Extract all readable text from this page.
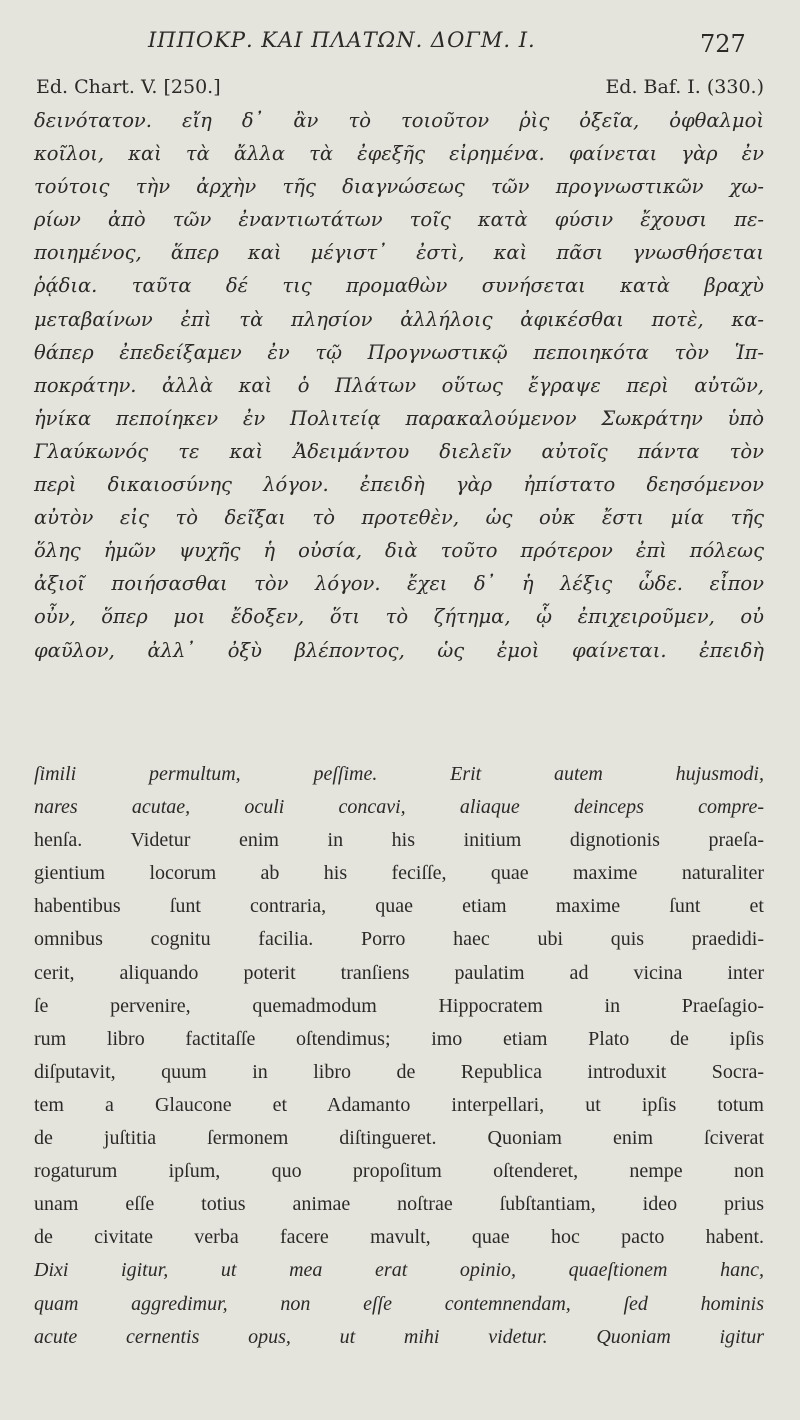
ΙΠΠΟΚΡ. ΚΑΙ ΠΛΑΤΩΝ. ΔΟΓΜ. Ι.	727
Ed. Chart. V. [250.]	Ed. Baf. I. (330.)
δεινότατον. εἴη δ᾽ ἂν τὸ τοιοῦτον ῥὶς ὀξεῖα, ὀφθαλμοὶ
κοῖλοι, καὶ τὰ ἄλλα τὰ ἐφεξῆς εἰρημένα. φαίνεται γὰρ ἐν
τούτοις τὴν ἀρχὴν τῆς διαγνώσεως τῶν προγνωστικῶν χω-
ρίων ἀπὸ τῶν ἐναντιωτάτων τοῖς κατὰ φύσιν ἔχουσι πε-
ποιημένος, ἅπερ καὶ μέγιστ᾽ ἐστὶ, καὶ πᾶσι γνωσθήσεται
ῥᾴδια. ταῦτα δέ τις προμαθὼν συνήσεται κατὰ βραχὺ
μεταβαίνων ἐπὶ τὰ πλησίον ἀλλήλοις ἀφικέσθαι ποτὲ, κα-
θάπερ ἐπεδείξαμεν ἐν τῷ Προγνωστικῷ πεποιηκότα τὸν Ἱπ-
ποκράτην. ἀλλὰ καὶ ὁ Πλάτων οὕτως ἔγραψε περὶ αὐτῶν,
ἡνίκα πεποίηκεν ἐν Πολιτείᾳ παρακαλούμενον Σωκράτην ὑπὸ
Γλαύκωνός τε καὶ Ἀδειμάντου διελεῖν αὐτοῖς πάντα τὸν
περὶ δικαιοσύνης λόγον. ἐπειδὴ γὰρ ἠπίστατο δεησόμενον
αὐτὸν εἰς τὸ δεῖξαι τὸ προτεθὲν, ὡς οὐκ ἔστι μία τῆς
ὅλης ἡμῶν ψυχῆς ἡ οὐσία, διὰ τοῦτο πρότερον ἐπὶ πόλεως
ἀξιοῖ ποιήσασθαι τὸν λόγον. ἔχει δ᾽ ἡ λέξις ὧδε. εἶπον
οὖν, ὅπερ μοι ἔδοξεν, ὅτι τὸ ζήτημα, ᾧ ἐπιχειροῦμεν, οὐ
φαῦλον, ἀλλ᾽ ὀξὺ βλέποντος, ὡς ἐμοὶ φαίνεται. ἐπειδὴ
ſimili permultum, peſſime. Erit autem hujusmodi,
nares acutae, oculi concavi, aliaque deinceps compre-
henſa. Videtur enim in his initium dignotionis praeſa-
gientium locorum ab his feciſſe, quae maxime naturaliter
habentibus ſunt contraria, quae etiam maxime ſunt et
omnibus cognitu facilia. Porro haec ubi quis praedidi-
cerit, aliquando poterit tranſiens paulatim ad vicina inter
ſe pervenire, quemadmodum Hippocratem in Praeſagio-
rum libro factitaſſe oſtendimus; imo etiam Plato de ipſis
diſputavit, quum in libro de Republica introduxit Socra-
tem a Glaucone et Adamanto interpellari, ut ipſis totum
de juſtitia ſermonem diſtingueret. Quoniam enim ſciverat
rogaturum ipſum, quo propoſitum oſtenderet, nempe non
unam eſſe totius animae noſtrae ſubſtantiam, ideo prius
de civitate verba facere mavult, quae hoc pacto habent.
Dixi igitur, ut mea erat opinio, quaeſtionem hanc,
quam aggredimur, non eſſe contemnendam, ſed hominis
acute cernentis opus, ut mihi videtur. Quoniam igitur
